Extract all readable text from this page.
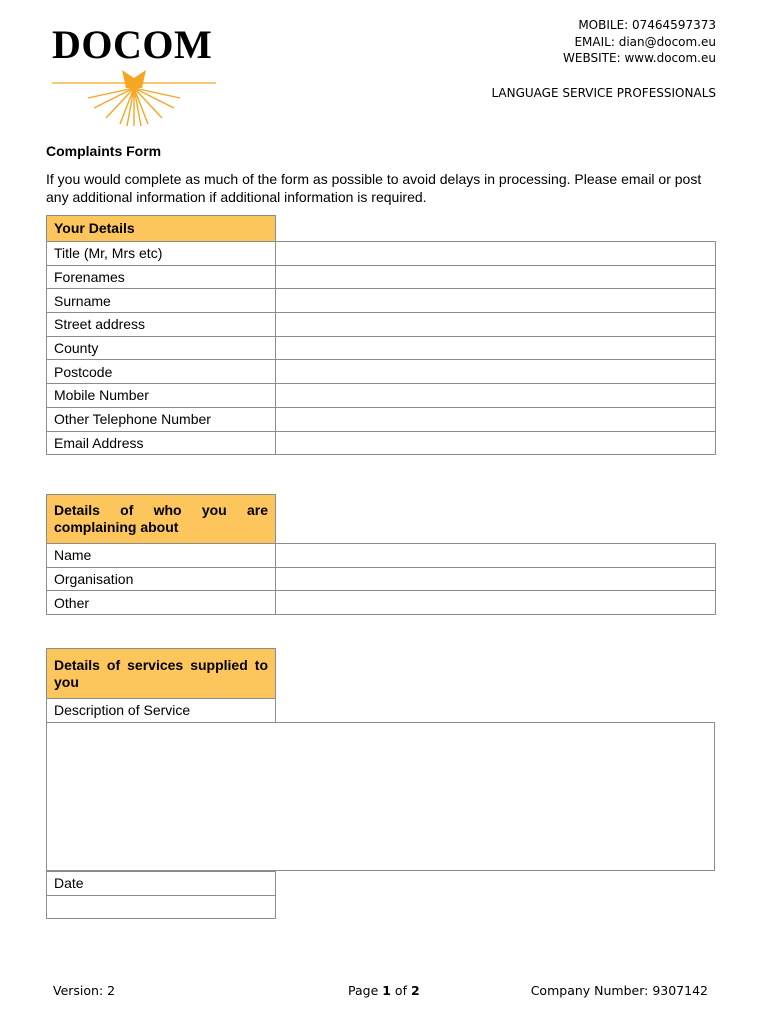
DOCOM	MOBILE: 07464597373
EMAIL: dian@docom.eu
WEBSITE: www.docom.eu
LANGUAGE SERVICE PROFESSIONALS
Complaints Form
If you would complete as much of the form as possible to avoid delays in processing. Please email or post any additional information if additional information is required.
Your Details	
Title (Mr, Mrs etc)	
Forenames	
Surname	
Street address	
County	
Postcode	
Mobile Number	
Other Telephone Number	
Email Address	
Details of who you are complaining about	
Name	
Organisation	
Other	
Details of services supplied to you
Description of Service
Date

Version: 2	Page 1 of 2	Company Number: 9307142
